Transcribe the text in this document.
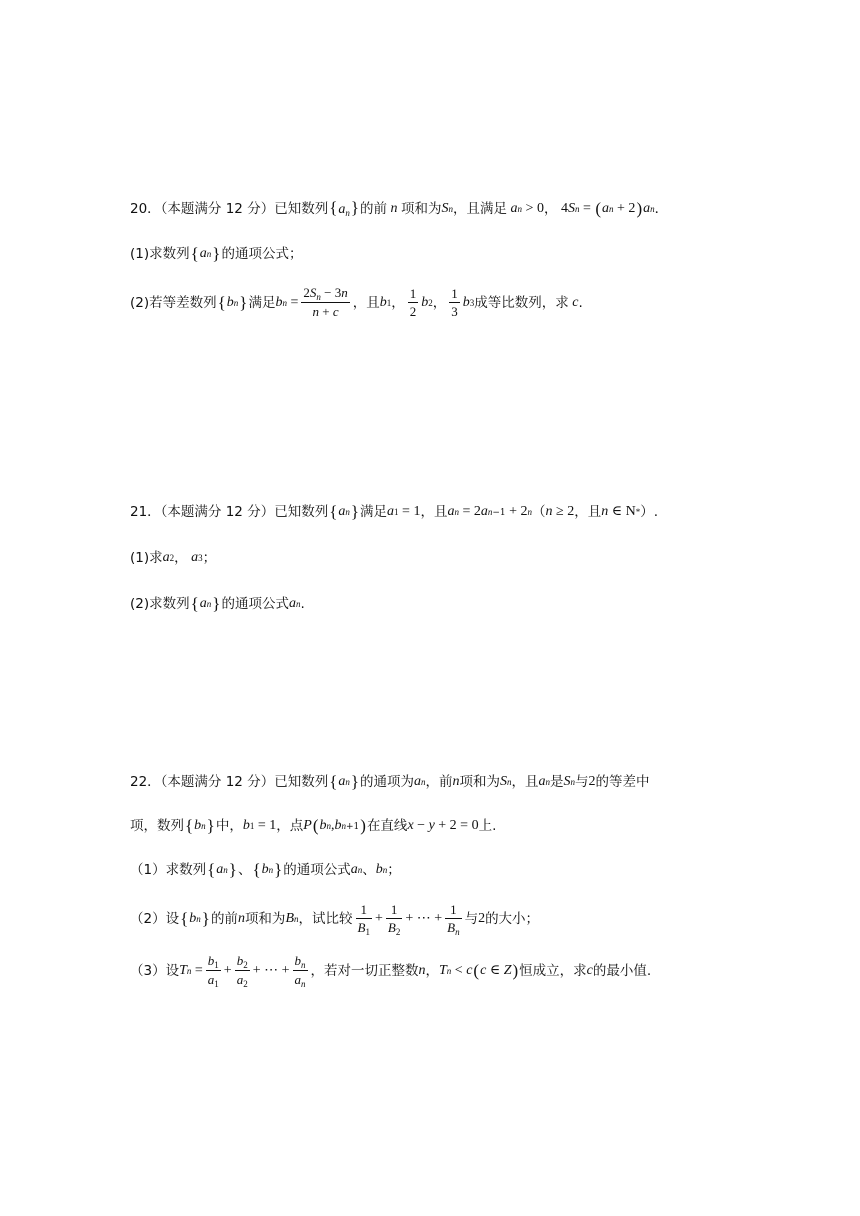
20．（本题满分 12 分）已知数列 $\{a_n\}$ 的前 n 项和为 S n ，且满足 a n > 0 ， 4 S n = ( a n + 2 ) a n ．
(1)求数列 { a n } 的通项公式；
(2)若等差数列 { b n } 满足 b $n = \frac{2S_n - 3n}{n + c}$ ，且 b 1 ， $\frac{1}{2}$ b 2 ， $\frac{1}{3}$ b 3 成等比数列，求 c .
21．（本题满分 12 分）已知数列 { a n } 满足 a 1 = 1 ，且 a n = 2 a n−1 + 2 n （ n ≥ 2 ，且 n ∈ N * ）.
(1)求 a 2 ， a 3 ；
(2)求数列 { a n } 的通项公式 a n .
22．（本题满分 12 分）已知数列 { a n } 的通项为 a n ，前 n 项和为 S n ，且 a n 是 S n 与 2 的等差中
项，数列 { b n } 中， b 1 = 1 ，点 P ( b n , b n+1 ) 在直线 x − y + 2 = 0 上.
（1）求数列 { a n } 、 { b n } 的通项公式 a n 、 b n ；
（2）设 { b n } 的前 n 项和为 B n ，试比较 $\frac{1}{B_1} + \frac{1}{B_2}$ + ⋯ + $\frac{1}{B_n}$ 与 2 的大小；
（3）设 T $n = \frac{b_1}{a_1} + \frac{b_2}{a_2}$ + ⋯ + $\frac{b_n}{a_n}$ ，若对一切正整数 n ， T n < c ( c ∈ Z ) 恒成立，求 c 的最小值.
